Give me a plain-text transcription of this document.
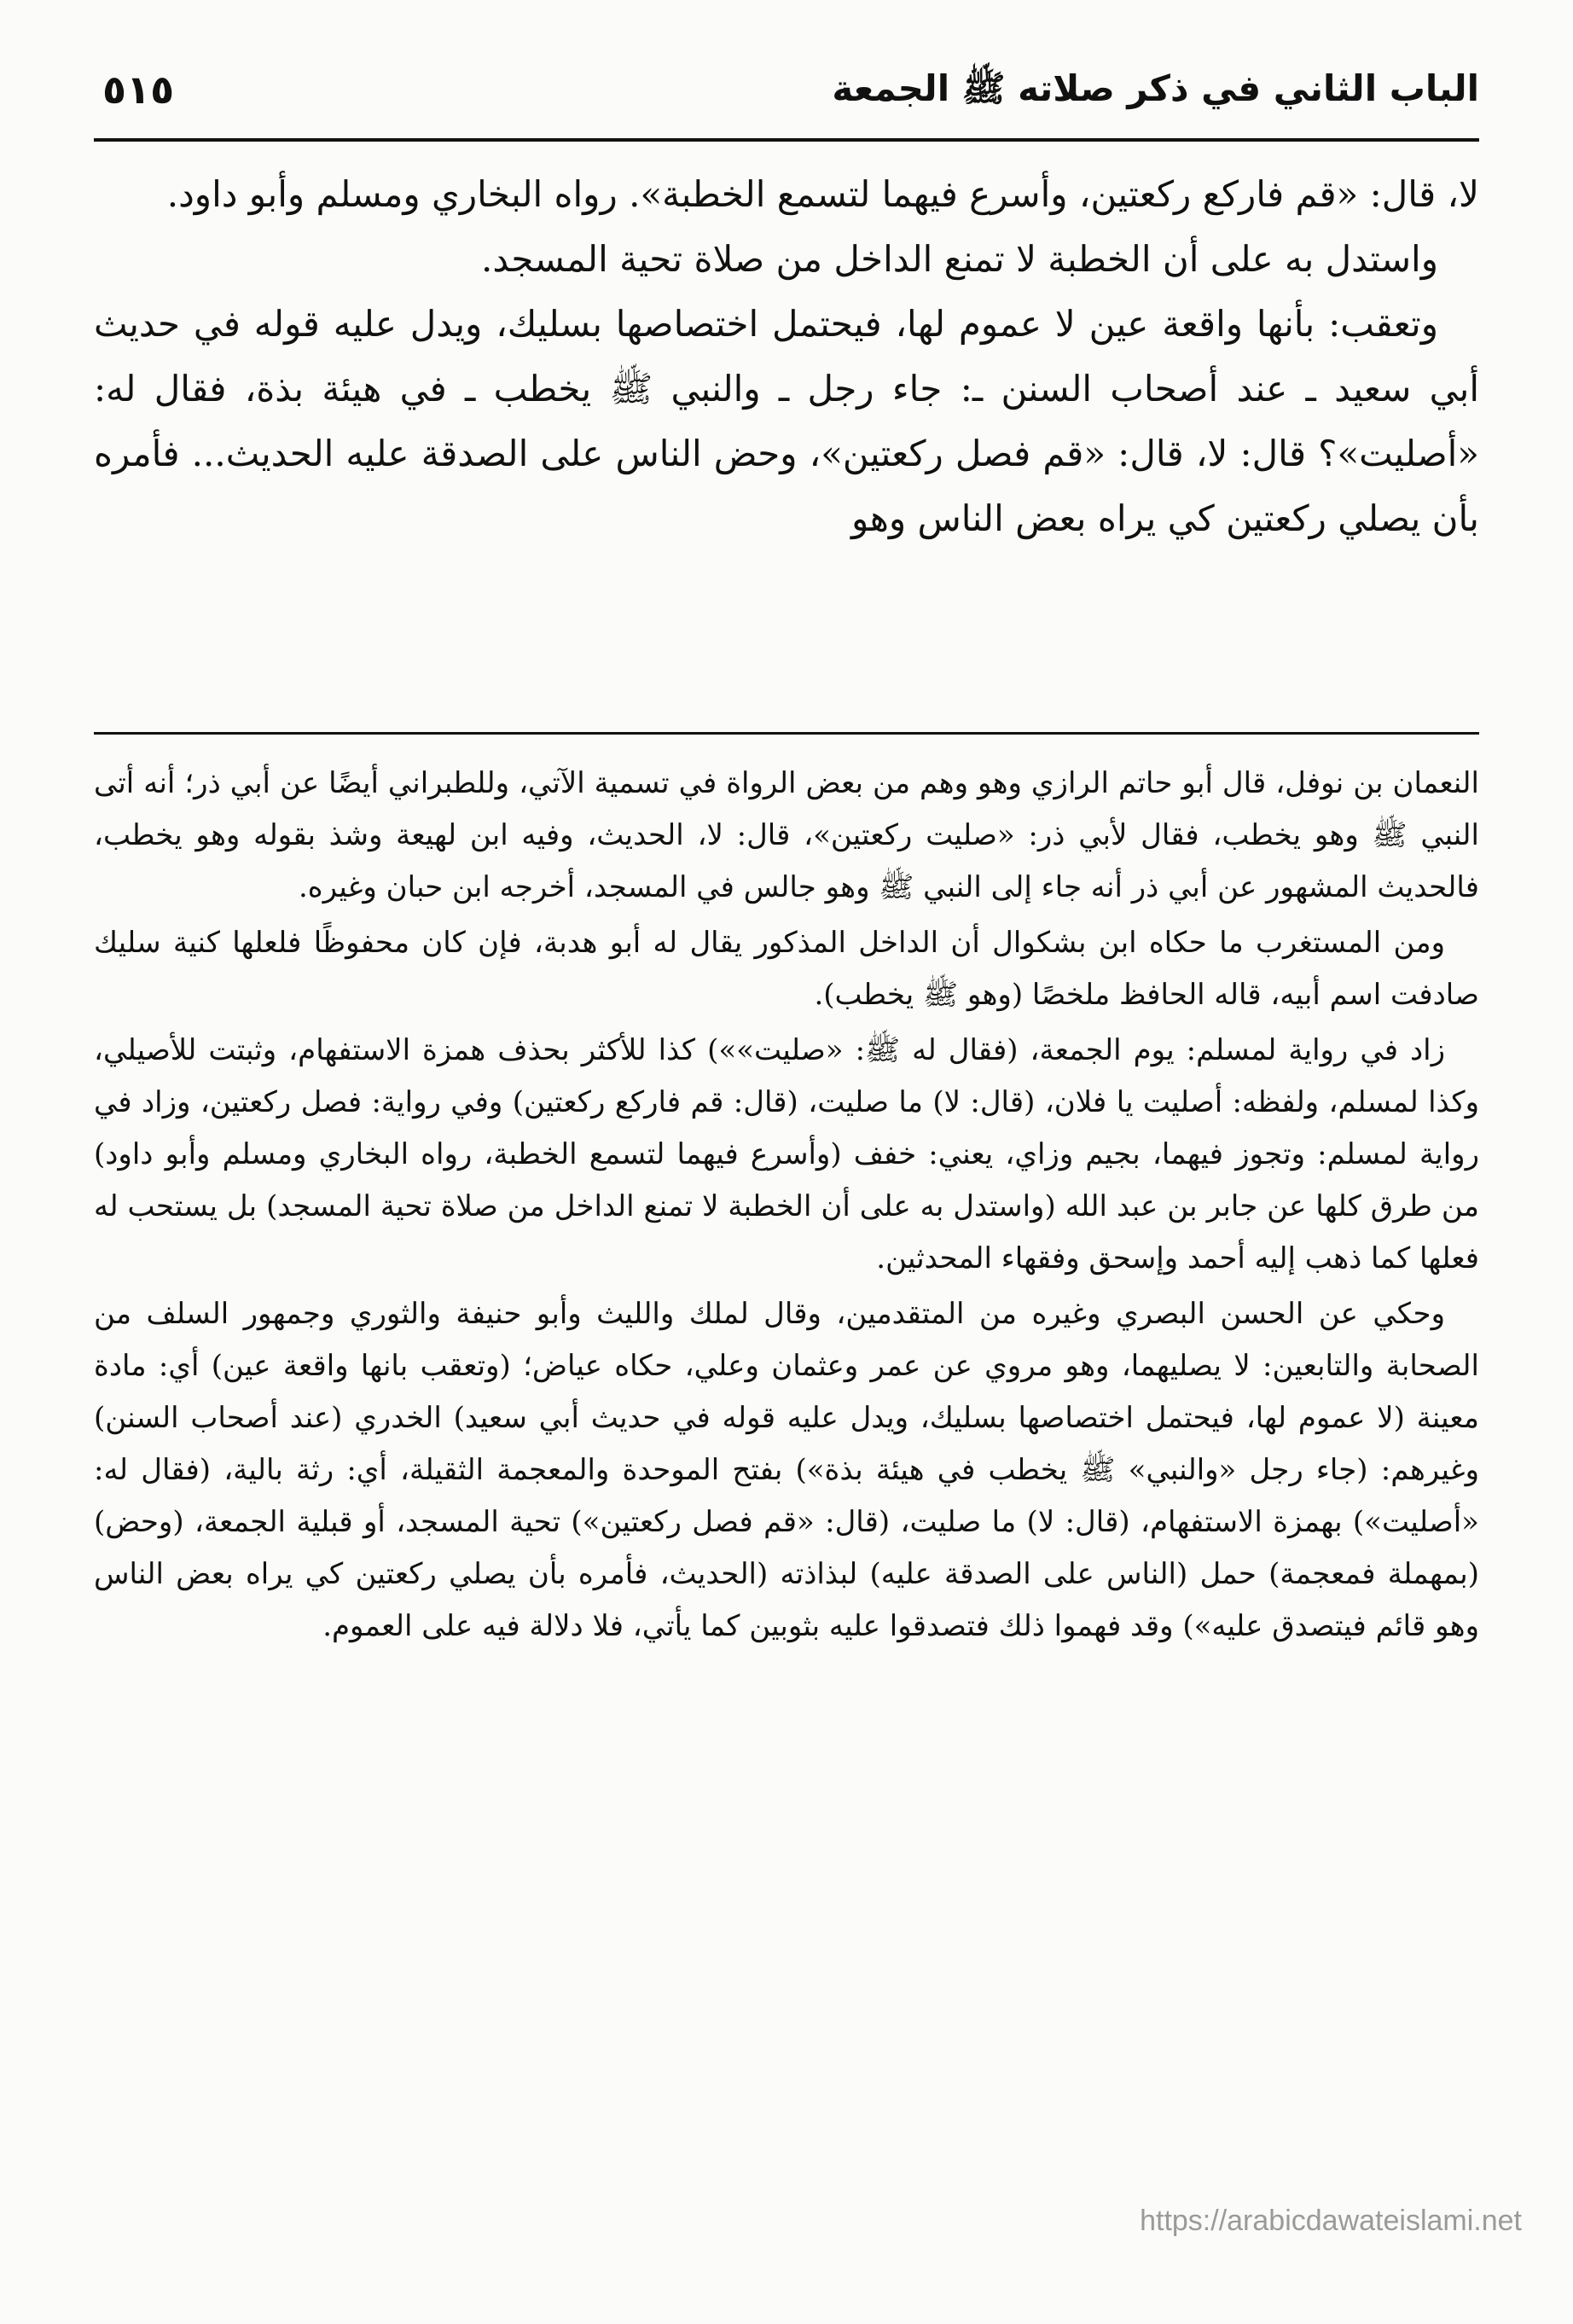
الباب الثاني في ذكر صلاته ﷺ الجمعة
٥١٥

لا، قال: «قم فاركع ركعتين، وأسرع فيهما لتسمع الخطبة». رواه البخاري ومسلم وأبو داود.

واستدل به على أن الخطبة لا تمنع الداخل من صلاة تحية المسجد.

وتعقب: بأنها واقعة عين لا عموم لها، فيحتمل اختصاصها بسليك، ويدل عليه قوله في حديث أبي سعيد ـ عند أصحاب السنن ـ: جاء رجل ـ والنبي ﷺ يخطب ـ في هيئة بذة، فقال له: «أصليت»؟ قال: لا، قال: «قم فصل ركعتين»، وحض الناس على الصدقة عليه الحديث... فأمره بأن يصلي ركعتين كي يراه بعض الناس وهو

النعمان بن نوفل، قال أبو حاتم الرازي وهو وهم من بعض الرواة في تسمية الآتي، وللطبراني أيضًا عن أبي ذر؛ أنه أتى النبي ﷺ وهو يخطب، فقال لأبي ذر: «صليت ركعتين»، قال: لا، الحديث، وفيه ابن لهيعة وشذ بقوله وهو يخطب، فالحديث المشهور عن أبي ذر أنه جاء إلى النبي ﷺ وهو جالس في المسجد، أخرجه ابن حبان وغيره.

ومن المستغرب ما حكاه ابن بشكوال أن الداخل المذكور يقال له أبو هدبة، فإن كان محفوظًا فلعلها كنية سليك صادفت اسم أبيه، قاله الحافظ ملخصًا (وهو ﷺ يخطب).

زاد في رواية لمسلم: يوم الجمعة، (فقال له ﷺ: «صليت»») كذا للأكثر بحذف همزة الاستفهام، وثبتت للأصيلي، وكذا لمسلم، ولفظه: أصليت يا فلان، (قال: لا) ما صليت، (قال: قم فاركع ركعتين) وفي رواية: فصل ركعتين، وزاد في رواية لمسلم: وتجوز فيهما، بجيم وزاي، يعني: خفف (وأسرع فيهما لتسمع الخطبة، رواه البخاري ومسلم وأبو داود) من طرق كلها عن جابر بن عبد الله (واستدل به على أن الخطبة لا تمنع الداخل من صلاة تحية المسجد) بل يستحب له فعلها كما ذهب إليه أحمد وإسحق وفقهاء المحدثين.

وحكي عن الحسن البصري وغيره من المتقدمين، وقال لملك والليث وأبو حنيفة والثوري وجمهور السلف من الصحابة والتابعين: لا يصليهما، وهو مروي عن عمر وعثمان وعلي، حكاه عياض؛ (وتعقب بانها واقعة عين) أي: مادة معينة (لا عموم لها، فيحتمل اختصاصها بسليك، ويدل عليه قوله في حديث أبي سعيد) الخدري (عند أصحاب السنن) وغيرهم: (جاء رجل «والنبي» ﷺ يخطب في هيئة بذة») بفتح الموحدة والمعجمة الثقيلة، أي: رثة بالية، (فقال له: «أصليت») بهمزة الاستفهام، (قال: لا) ما صليت، (قال: «قم فصل ركعتين») تحية المسجد، أو قبلية الجمعة، (وحض) (بمهملة فمعجمة) حمل (الناس على الصدقة عليه) لبذاذته (الحديث، فأمره بأن يصلي ركعتين كي يراه بعض الناس وهو قائم فيتصدق عليه») وقد فهموا ذلك فتصدقوا عليه بثوبين كما يأتي، فلا دلالة فيه على العموم.

https://arabicdawateislami.net
